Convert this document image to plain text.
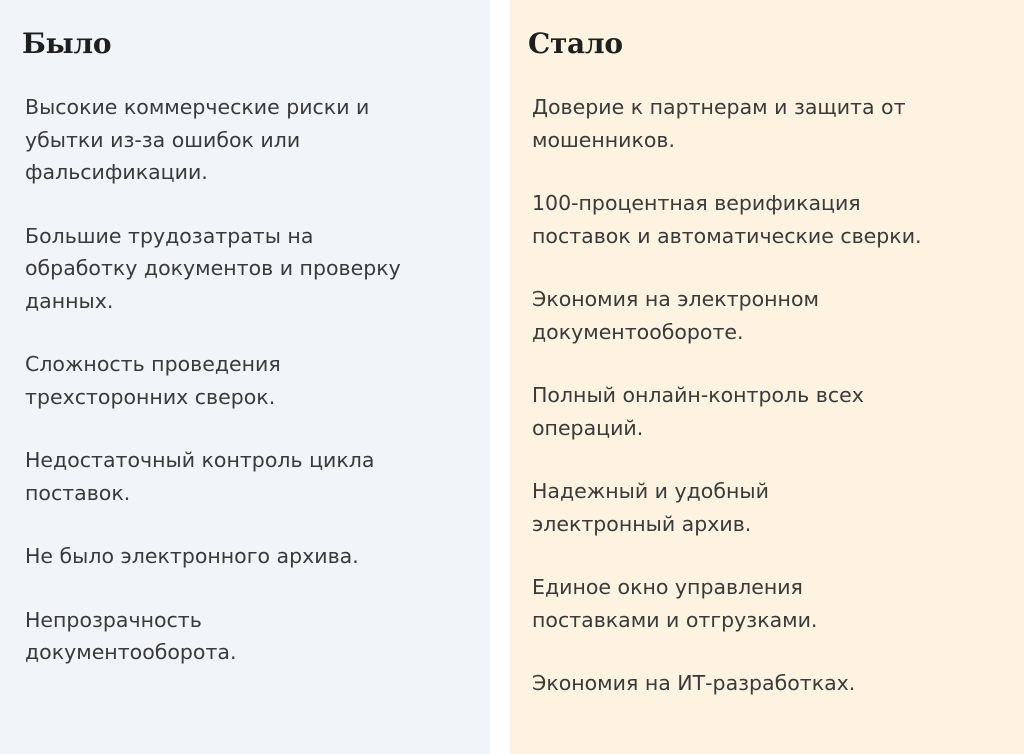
Было
Высокие коммерческие риски и
убытки из-за ошибок или
фальсификации.
Большие трудозатраты на
обработку документов и проверку
данных.
Сложность проведения
трехсторонних сверок.
Недостаточный контроль цикла
поставок.
Не было электронного архива.
Непрозрачность
документооборота.
Стало
Доверие к партнерам и защита от
мошенников.
100-процентная верификация
поставок и автоматические сверки.
Экономия на электронном
документообороте.
Полный онлайн-контроль всех
операций.
Надежный и удобный
электронный архив.
Единое окно управления
поставками и отгрузками.
Экономия на ИТ-разработках.
